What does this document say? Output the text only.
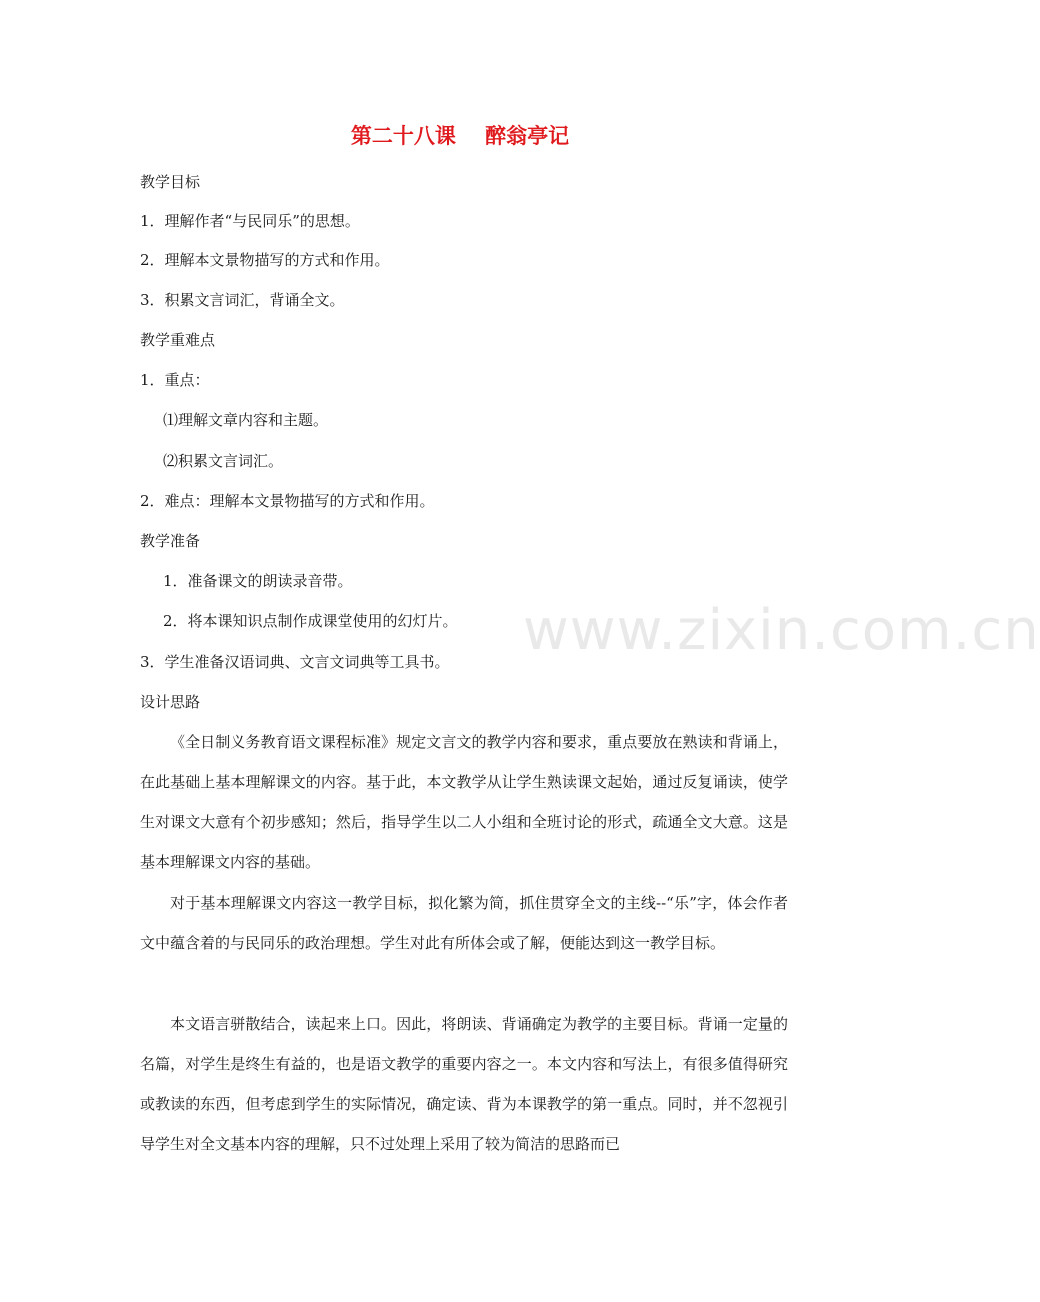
www.zixin.com.cn
第二十八课    醉翁亭记
教学目标
1．理解作者“与民同乐”的思想。
2．理解本文景物描写的方式和作用。
3．积累文言词汇，背诵全文。
教学重难点
1．重点：
⑴理解文章内容和主题。
⑵积累文言词汇。
2．难点：理解本文景物描写的方式和作用。
教学准备
1．准备课文的朗读录音带。
2．将本课知识点制作成课堂使用的幻灯片。
3．学生准备汉语词典、文言文词典等工具书。
设计思路
《全日制义务教育语文课程标准》规定文言文的教学内容和要求，重点要放在熟读和背诵上，在此基础上基本理解课文的内容。基于此，本文教学从让学生熟读课文起始，通过反复诵读，使学生对课文大意有个初步感知；然后，指导学生以二人小组和全班讨论的形式，疏通全文大意。这是基本理解课文内容的基础。
对于基本理解课文内容这一教学目标，拟化繁为简，抓住贯穿全文的主线--“乐”字，体会作者文中蕴含着的与民同乐的政治理想。学生对此有所体会或了解，便能达到这一教学目标。
本文语言骈散结合，读起来上口。因此，将朗读、背诵确定为教学的主要目标。背诵一定量的名篇，对学生是终生有益的，也是语文教学的重要内容之一。本文内容和写法上，有很多值得研究或教读的东西，但考虑到学生的实际情况，确定读、背为本课教学的第一重点。同时，并不忽视引导学生对全文基本内容的理解，只不过处理上采用了较为简洁的思路而已
